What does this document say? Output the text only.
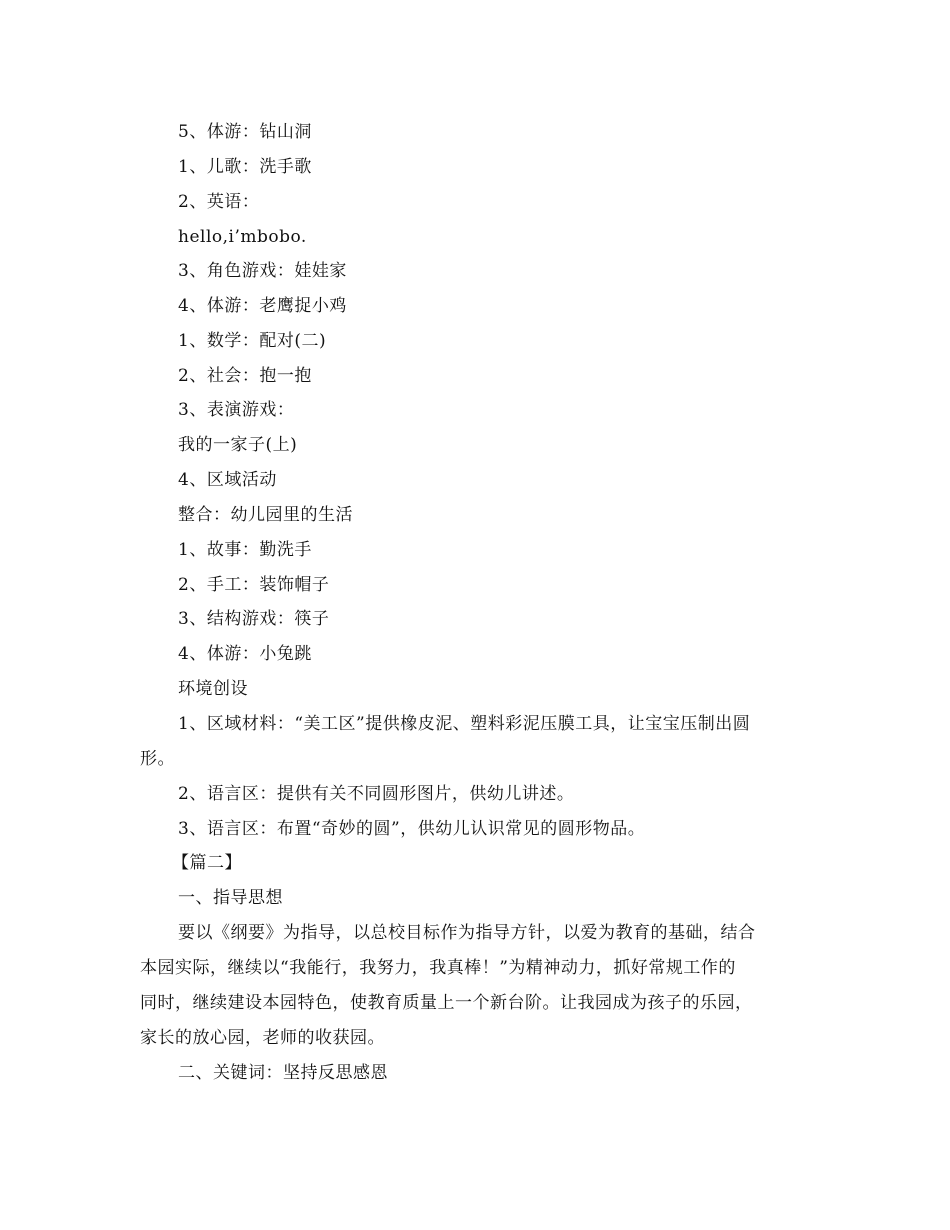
5、体游：钻山洞
1、儿歌：洗手歌
2、英语：
hello,i’mbobo.
3、角色游戏：娃娃家
4、体游：老鹰捉小鸡
1、数学：配对(二)
2、社会：抱一抱
3、表演游戏：
我的一家子(上)
4、区域活动
整合：幼儿园里的生活
1、故事：勤洗手
2、手工：装饰帽子
3、结构游戏：筷子
4、体游：小兔跳
环境创设
1、区域材料：“美工区”提供橡皮泥、塑料彩泥压膜工具，让宝宝压制出圆
形。
2、语言区：提供有关不同圆形图片，供幼儿讲述。
3、语言区：布置“奇妙的圆”，供幼儿认识常见的圆形物品。
【篇二】
一、指导思想
要以《纲要》为指导，以总校目标作为指导方针，以爱为教育的基础，结合
本园实际，继续以“我能行，我努力，我真棒！”为精神动力，抓好常规工作的
同时，继续建设本园特色，使教育质量上一个新台阶。让我园成为孩子的乐园，
家长的放心园，老师的收获园。
二、关键词：坚持反思感恩
